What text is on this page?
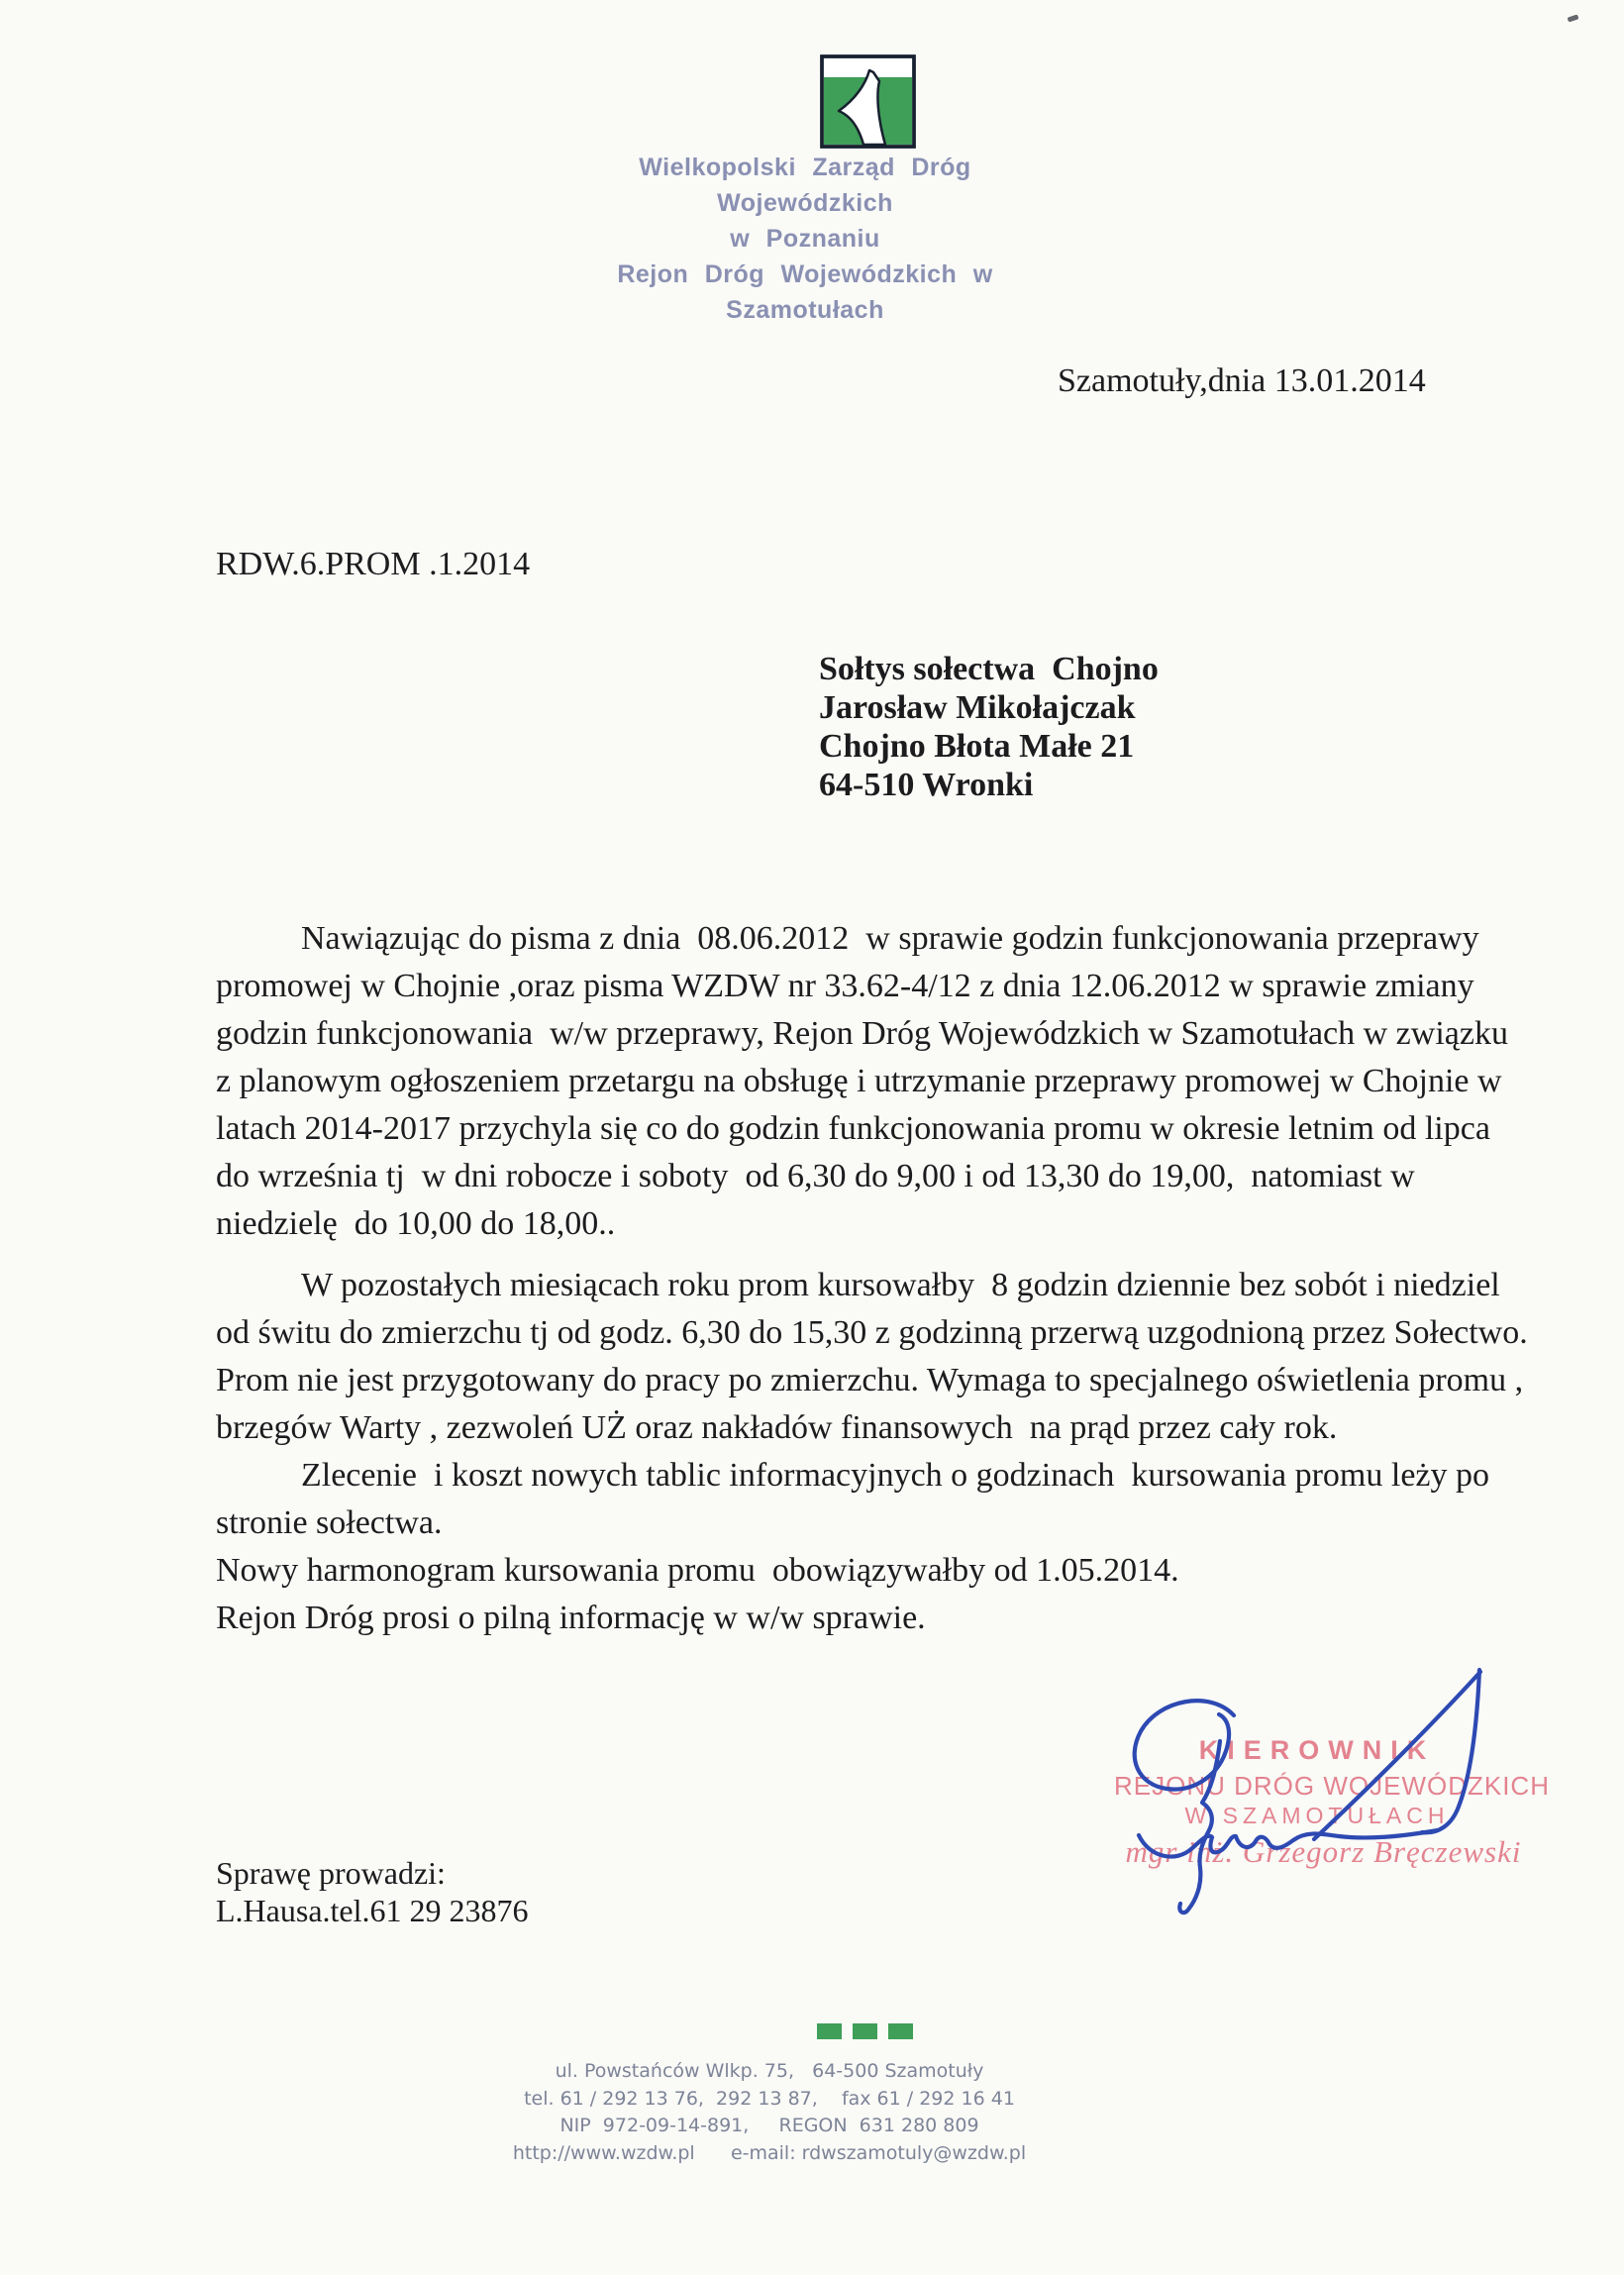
Wielkopolski Zarząd Dróg Wojewódzkich
w Poznaniu
Rejon Dróg Wojewódzkich w Szamotułach
Szamotuły,dnia 13.01.2014
RDW.6.PROM .1.2014
Sołtys sołectwa  Chojno
Jarosław Mikołajczak
Chojno Błota Małe 21
64-510 Wronki
Nawiązując do pisma z dnia  08.06.2012  w sprawie godzin funkcjonowania przeprawy
promowej w Chojnie ,oraz pisma WZDW nr 33.62-4/12 z dnia 12.06.2012 w sprawie zmiany
godzin funkcjonowania  w/w przeprawy, Rejon Dróg Wojewódzkich w Szamotułach w związku
z planowym ogłoszeniem przetargu na obsługę i utrzymanie przeprawy promowej w Chojnie w
latach 2014-2017 przychyla się co do godzin funkcjonowania promu w okresie letnim od lipca
do września tj  w dni robocze i soboty  od 6,30 do 9,00 i od 13,30 do 19,00,  natomiast w
niedzielę  do 10,00 do 18,00..
W pozostałych miesiącach roku prom kursowałby  8 godzin dziennie bez sobót i niedziel
od świtu do zmierzchu tj od godz. 6,30 do 15,30 z godzinną przerwą uzgodnioną przez Sołectwo.
Prom nie jest przygotowany do pracy po zmierzchu. Wymaga to specjalnego oświetlenia promu ,
brzegów Warty , zezwoleń UŻ oraz nakładów finansowych  na prąd przez cały rok.
Zlecenie  i koszt nowych tablic informacyjnych o godzinach  kursowania promu leży po
stronie sołectwa.
Nowy harmonogram kursowania promu  obowiązywałby od 1.05.2014.
Rejon Dróg prosi o pilną informację w w/w sprawie.
Sprawę prowadzi:
L.Hausa.tel.61 29 23876
KIEROWNIK
REJONU DRÓG WOJEWÓDZKICH
W SZAMOTUŁACH
mgr inż. Grzegorz Bręczewski
ul. Powstańców Wlkp. 75,   64-500 Szamotuły
tel. 61 / 292 13 76,  292 13 87,    fax 61 / 292 16 41
NIP  972-09-14-891,     REGON  631 280 809
http://www.wzdw.pl      e-mail: rdwszamotuly@wzdw.pl
